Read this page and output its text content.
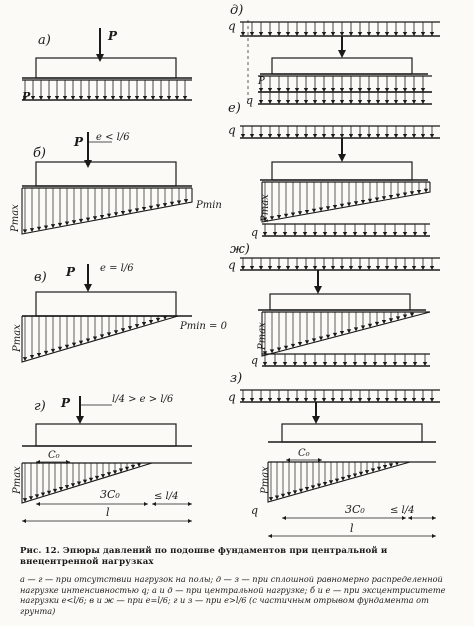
а)
б)
в)
г)
д)
е)
ж)
з)
P
P
P e < l/6
Pmin
Pmax
P e = l/6
Pmin = 0
Pmax
P	l/4 > e > l/6
C₀
Pmax
3C₀	≤ l/4
l
q
P
q
q
Pmax
q
q
Pmax
q
q
C₀
Pmax
q	3C₀	≤ l/4
l
Рис. 12. Эпюры давлений по подошве фундаментов при центральной и внецентренной нагрузках
а — г — при отсутствии нагрузок на полы; д — з — при сплошной равномерно распределенной нагрузке интенсивностью q; а и д — при центральной нагрузке; б и е — при эксцентриситете нагрузки e<l/6; в и ж — при e=l/6; г и з — при e>l/6 (с частичным отрывом фундамента от грунта)
